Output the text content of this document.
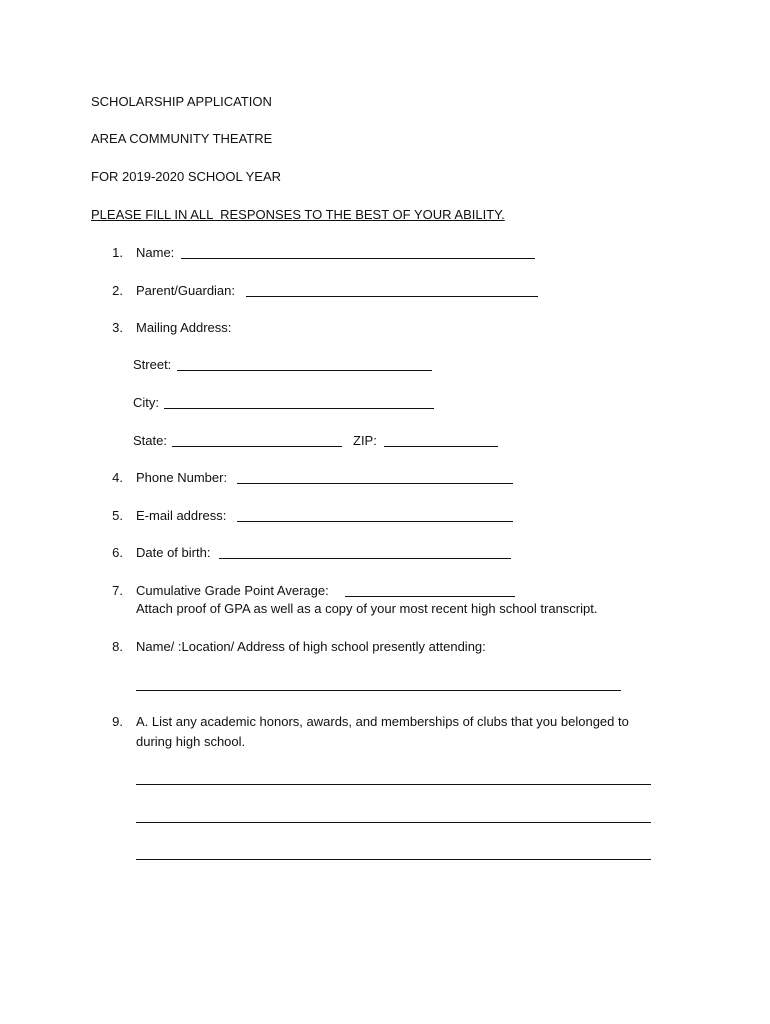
SCHOLARSHIP APPLICATION
AREA COMMUNITY THEATRE
FOR 2019-2020 SCHOOL YEAR
PLEASE FILL IN ALL  RESPONSES TO THE BEST OF YOUR ABILITY.
1. Name:
2. Parent/Guardian:
3. Mailing Address:
Street:
City:
State:	ZIP:
4. Phone Number:
5. E-mail address:
6. Date of birth:
7. Cumulative Grade Point Average:
Attach proof of GPA as well as a copy of your most recent high school transcript.
8. Name/ :Location/ Address of high school presently attending:
9. A. List any academic honors, awards, and memberships of clubs that you belonged to
during high school.
